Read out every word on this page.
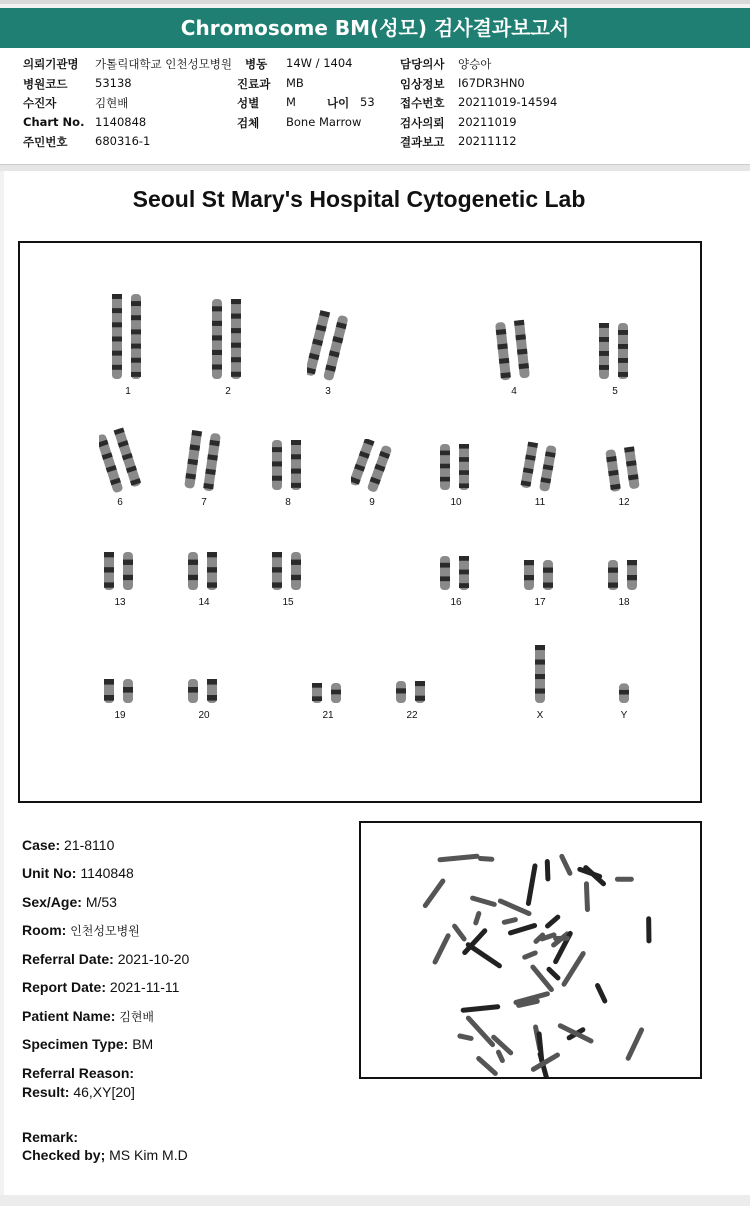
Chromosome BM(성모) 검사결과보고서
의뢰기관명 가톨릭대학교 인천성모병원
병원코드 53138
수진자	김현배
Chart No. 1140848
주민번호 680316-1
병동 14W / 1404
진료과 MB
성별 M	나이 53
검체 Bone Marrow
담당의사 양승아
임상정보 I67DR3HN0
접수번호 20211019-14594
검사의뢰 20211019
결과보고 20211112
Seoul St Mary's Hospital Cytogenetic Lab
1	2	3	4	5
6	7	8	9	10	11	12
13	14	15	16	17	18
19	20	21	22	X	Y
Case: 21-8110
Unit No: 1140848
Sex/Age: M/53
Room: 인천성모병원
Referral Date: 2021-10-20
Report Date: 2021-11-11
Patient Name: 김현배
Specimen Type: BM
Referral Reason:
Result: 46,XY[20]
Remark:
Checked by; MS Kim M.D
